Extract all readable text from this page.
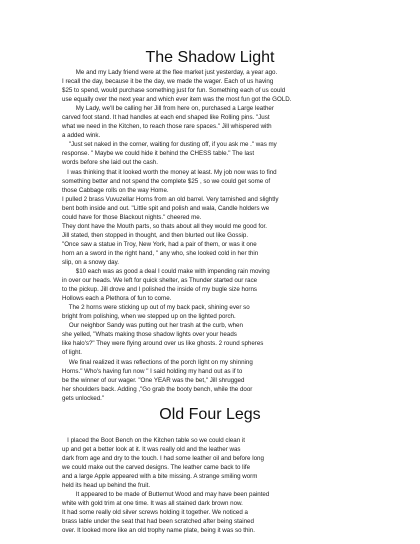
The Shadow Light
Me and my Lady friend were at the flee market just yesterday, a year ago.
I recall the day, because it be the day, we made the wager. Each of us having
$25 to spend, would purchase something just for fun. Something each of us could
use equally over the next year and which ever item was the most fun got the GOLD.
My Lady, we'll be calling her Jill from here on, purchased a Large leather
carved foot stand. It had handles at each end shaped like Rolling pins. "Just
what we need in the Kitchen, to reach those rare spaces." Jill whispered with
a added wink.
"Just set naked in the corner, waiting for dusting off, if you ask me ." was my
response. " Maybe we could hide it behind the CHESS table." The last
words before she laid out the cash.
I was thinking that it looked worth the money at least. My job now was to find
something better and not spend the complete $25 , so we could get some of
those Cabbage rolls on the way Home.
I pulled 2 brass Vuvuzellar Horns from an old barrel. Very tarnished and slightly
bent both inside and out. "Little spit and polish and wala, Candle holders we
could have for those Blackout nights." cheered me.
They dont have the Mouth parts, so thats about all they would me good for.
Jill stated, then stopped in thought, and then blurted out like Gossip.
"Once saw a statue in Troy, New York, had a pair of them, or was it one
horn an a sword in the right hand, " any who, she looked cold in her thin
slip, on a snowy day.
$10 each was as good a deal I could make with impending rain moving
in over our heads. We left for quick shelter, as Thunder started our race
to the pickup. Jill drove and I polished the inside of my bugle size horns
Hollows each a Plethora of fun to come.
The 2 horns were sticking up out of my back pack, shining ever so
bright from polishing, when we stepped up on the lighted porch.
Our neighbor Sandy was putting out her trash at the curb, when
she yelled, "Whats making those shadow lights over your heads
like halo's?" They were flying around over us like ghosts. 2 round spheres
of light.
We final realized it was reflections of the porch light on my shinning
Horns." Who's having fun now " I said holding my hand out as if to
be the winner of our wager. "One YEAR was the bet," Jill shrugged
her shoulders back. Adding ,"Go grab the booty bench, while the door
gets unlocked."
Old Four Legs
I placed the Boot Bench on the Kitchen table so we could clean it
up and get a better look at it. It was really old and the leather was
dark from age and dry to the touch. I had some leather oil and before long
we could make out the carved designs. The leather came back to life
and a large Apple appeared with a bite missing. A strange smiling worm
held its head up behind the fruit.
It appeared to be made of Butternut Wood and may have been painted
white with gold trim at one time. It was all stained dark brown now.
It had some really old silver screws holding it together. We noticed a
brass lable under the seat that had been scratched after being stained
over. It looked more like an old trophy name plate, being it was so thin.
